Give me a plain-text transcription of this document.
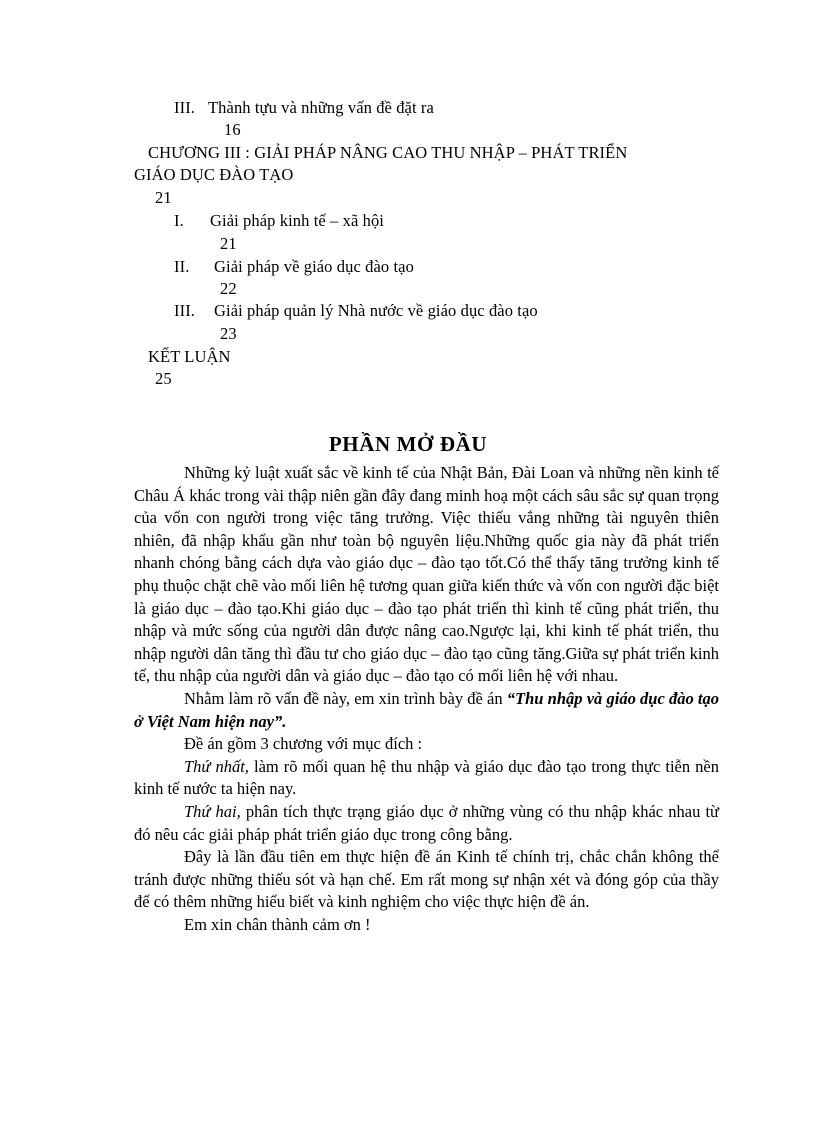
III. Thành tựu và những vấn đề đặt ra
16
CHƯƠNG III : GIẢI PHÁP NÂNG CAO THU NHẬP – PHÁT TRIỂN
GIÁO DỤC ĐÀO TẠO
21
I. Giải pháp kinh tế – xã hội
21
II. Giải pháp về giáo dục đào tạo
22
III. Giải pháp quản lý Nhà nước về giáo dục đào tạo
23
KẾT LUẬN
25
PHẦN MỞ ĐẦU

Những kỷ luật xuất sắc về kinh tế của Nhật Bản, Đài Loan và những nền kinh tế Châu Á khác trong vài thập niên gần đây đang minh hoạ một cách sâu sắc sự quan trọng của vốn con người trong việc tăng trưởng. Việc thiếu vắng những tài nguyên thiên nhiên, đã nhập khẩu gần như toàn bộ nguyên liệu.Những quốc gia này đã phát triển nhanh chóng bằng cách dựa vào giáo dục – đào tạo tốt.Có thể thấy tăng trưởng kinh tế phụ thuộc chặt chẽ vào mối liên hệ tương quan giữa kiến thức và vốn con người đặc biệt là giáo dục – đào tạo.Khi giáo dục – đào tạo phát triển thì kinh tế cũng phát triển, thu nhập và mức sống của người dân được nâng cao.Ngược lại, khi kinh tế phát triển, thu nhập người dân tăng thì đầu tư cho giáo dục – đào tạo cũng tăng.Giữa sự phát triển kinh tế, thu nhập của người dân và giáo dục – đào tạo có mối liên hệ với nhau.

Nhằm làm rõ vấn đề này, em xin trình bày đề án “Thu nhập và giáo dục đào tạo ở Việt Nam hiện nay”.

Đề án gồm 3 chương với mục đích :

Thứ nhất, làm rõ mối quan hệ thu nhập và giáo dục đào tạo trong thực tiễn nền kinh tế nước ta hiện nay.

Thứ hai, phân tích thực trạng giáo dục ở những vùng có thu nhập khác nhau từ đó nêu các giải pháp phát triển giáo dục trong công bằng.

Đây là lần đầu tiên em thực hiện đề án Kinh tế chính trị, chắc chắn không thể tránh được những thiếu sót và hạn chế. Em rất mong sự nhận xét và đóng góp của thầy để có thêm những hiểu biết và kinh nghiệm cho việc thực hiện đề án.

Em xin chân thành cảm ơn !
